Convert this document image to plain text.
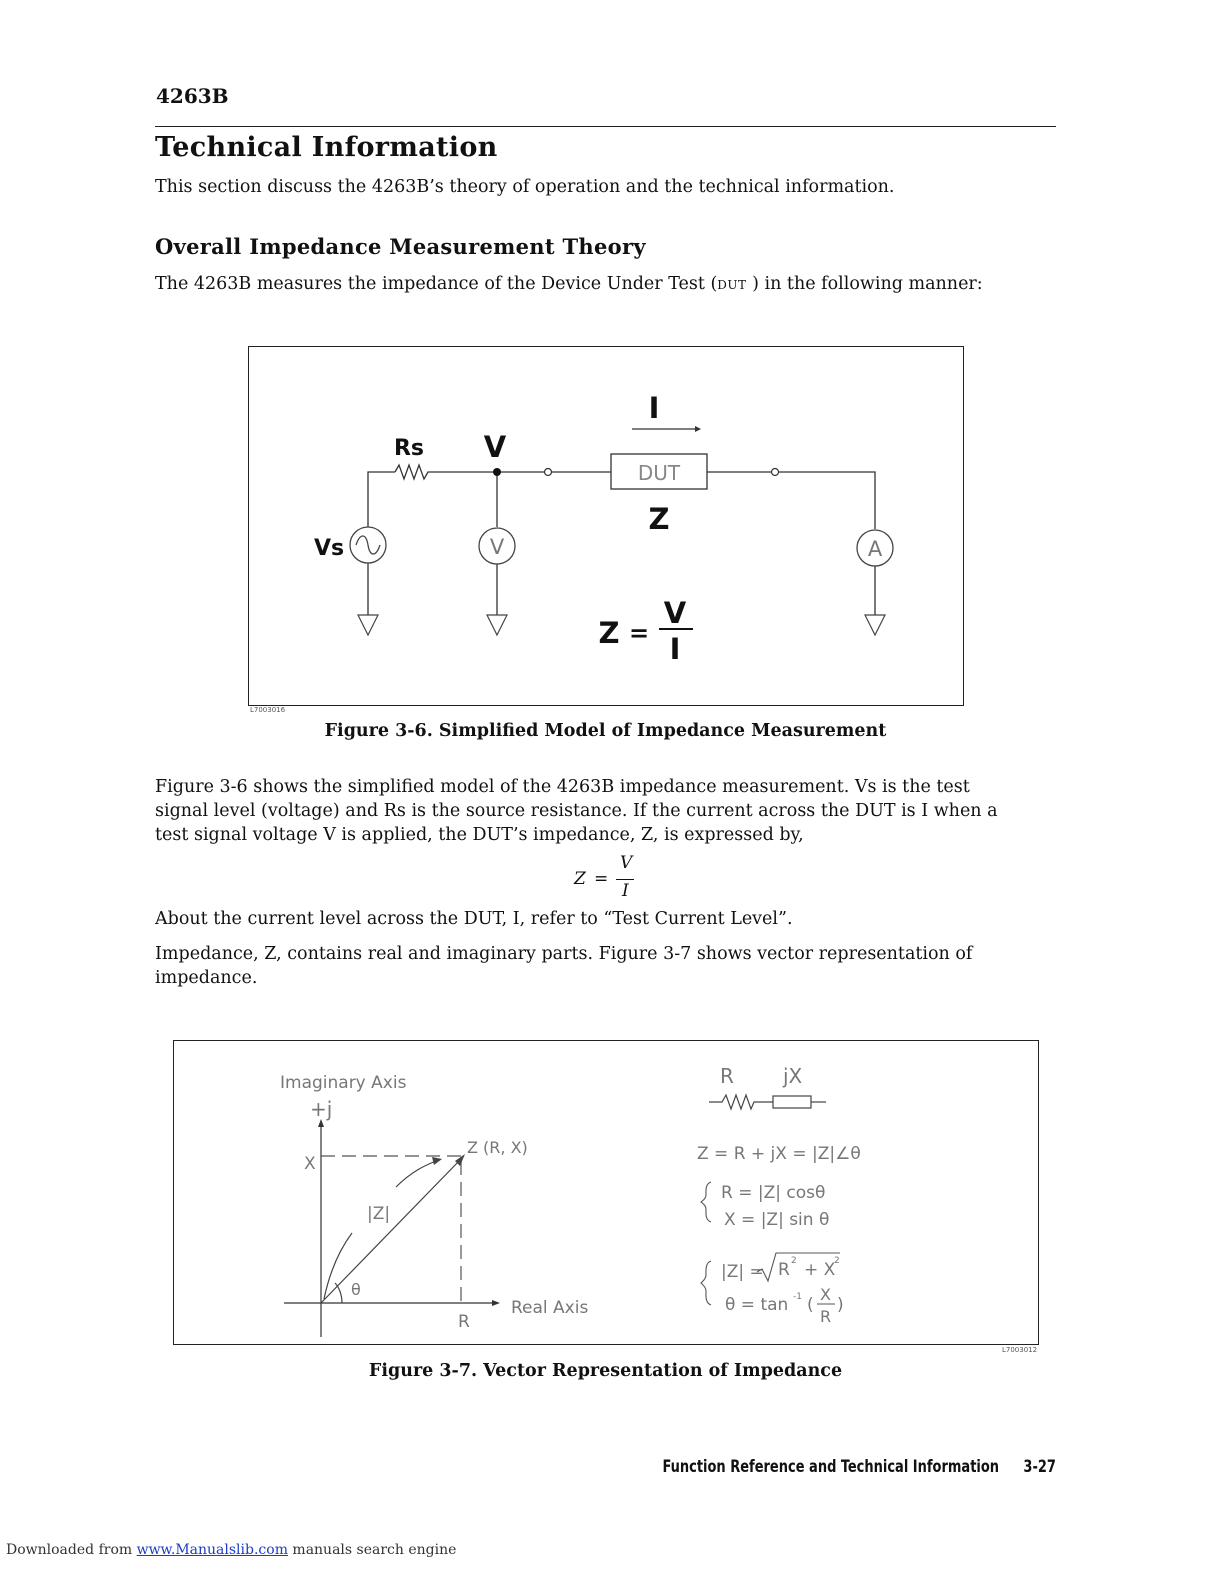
4263B
Technical Information
This section discuss the 4263B’s theory of operation and the technical information.
Overall Impedance Measurement Theory
The 4263B measures the impedance of the Device Under Test (DUT ) in the following manner:
DUT
V	A
Rs V
I
Z
Vs
Z =
V
I
L7003016
Figure 3-6. Simplified Model of Impedance Measurement
Figure 3-6 shows the simplified model of the 4263B impedance measurement. Vs is the test
signal level (voltage) and Rs is the source resistance. If the current across the DUT is I when a
test signal voltage V is applied, the DUT’s impedance, Z, is expressed by,
Z =
V
I
About the current level across the DUT, I, refer to “Test Current Level”.
Impedance, Z, contains real and imaginary parts. Figure 3-7 shows vector representation of
impedance.
Imaginary Axis
+j
X
Z (R, X)
|Z|
θ
Real Axis
R
R jX
Z = R + jX = |Z|∠θ
R = |Z| cosθ
X = |Z| sin θ
|Z| = R 2 + X
2
θ = tan -1 (
X
R
)
L7003012
Figure 3-7. Vector Representation of Impedance
Function Reference and Technical Information 3-27
Downloaded from www.Manualslib.com manuals search engine
